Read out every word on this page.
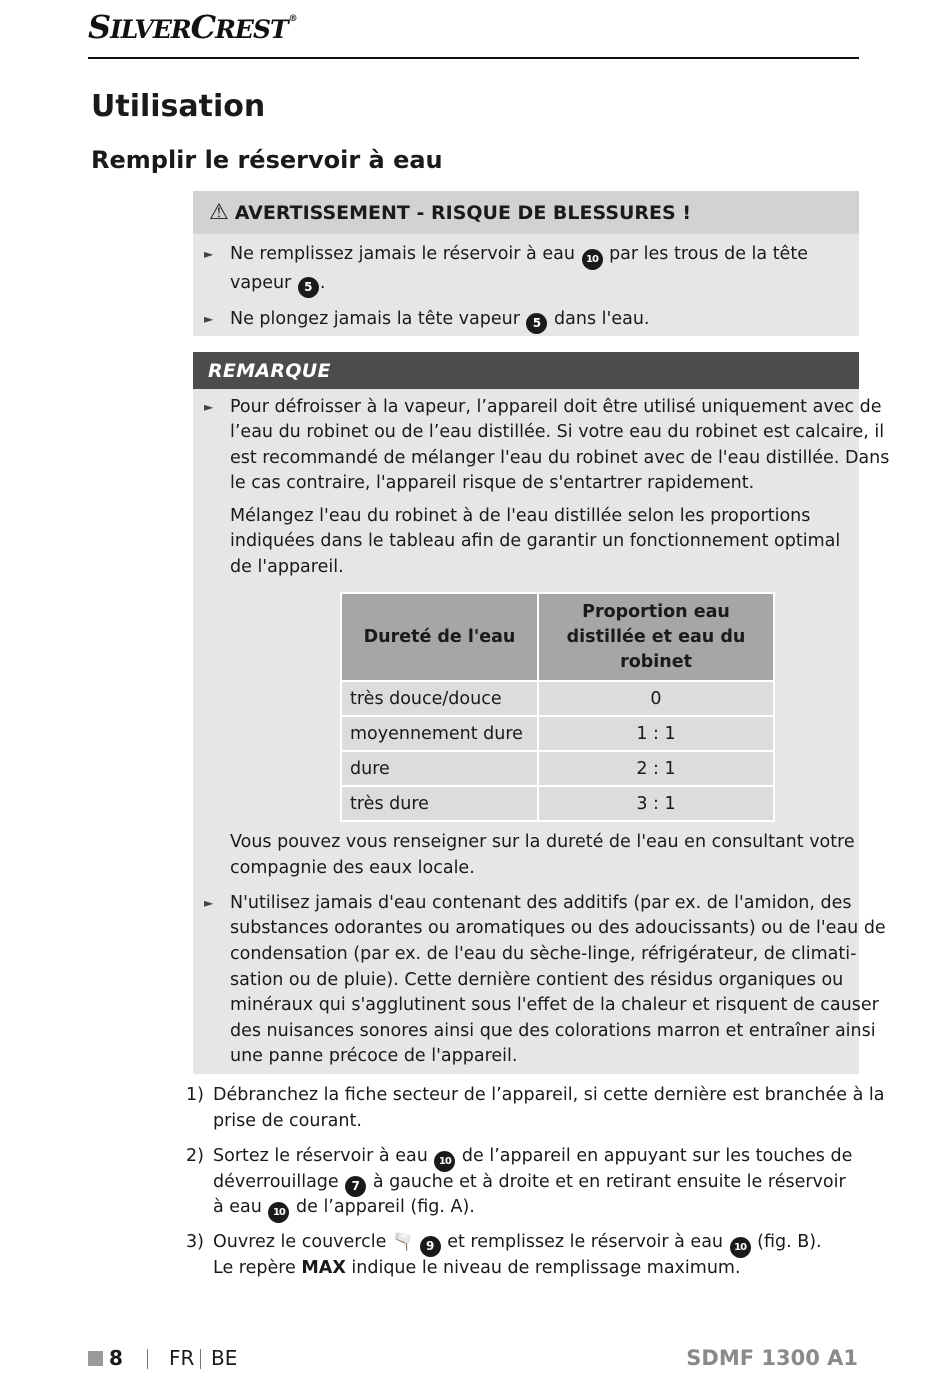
SILVERCREST®
Utilisation
Remplir le réservoir à eau
⚠ AVERTISSEMENT - RISQUE DE BLESSURES !
► Ne remplissez jamais le réservoir à eau 10 par les trous de la tête
vapeur 5 .
► Ne plongez jamais la tête vapeur 5 dans l'eau.
REMARQUE
► Pour défroisser à la vapeur, l’appareil doit être utilisé uniquement avec de
l’eau du robinet ou de l’eau distillée. Si votre eau du robinet est calcaire, il
est recommandé de mélanger l'eau du robinet avec de l'eau distillée. Dans
le cas contraire, l'appareil risque de s'entartrer rapidement.
Mélangez l'eau du robinet à de l'eau distillée selon les proportions
indiquées dans le tableau afin de garantir un fonctionnement optimal
de l'appareil.
Dureté de l'eau	Proportion eau distillée et eau du robinet
très douce/douce	0
moyennement dure	1 : 1
dure	2 : 1
très dure	3 : 1
Vous pouvez vous renseigner sur la dureté de l'eau en consultant votre
compagnie des eaux locale.
► N'utilisez jamais d'eau contenant des additifs (par ex. de l'amidon, des
substances odorantes ou aromatiques ou des adoucissants) ou de l'eau de
condensation (par ex. de l'eau du sèche-linge, réfrigérateur, de climati-
sation ou de pluie). Cette dernière contient des résidus organiques ou
minéraux qui s'agglutinent sous l'effet de la chaleur et risquent de causer
des nuisances sonores ainsi que des colorations marron et entraîner ainsi
une panne précoce de l'appareil.
1) Débranchez la fiche secteur de l’appareil, si cette dernière est branchée à la
prise de courant.
2) Sortez le réservoir à eau 10 de l’appareil en appuyant sur les touches de
déverrouillage 7 à gauche et à droite et en retirant ensuite le réservoir
à eau 10 de l’appareil (fig. A).
3) Ouvrez le couvercle 🫗 9 et remplissez le réservoir à eau 10 (fig. B).
Le repère MAX indique le niveau de remplissage maximum.
8 FR BE	SDMF 1300 A1
